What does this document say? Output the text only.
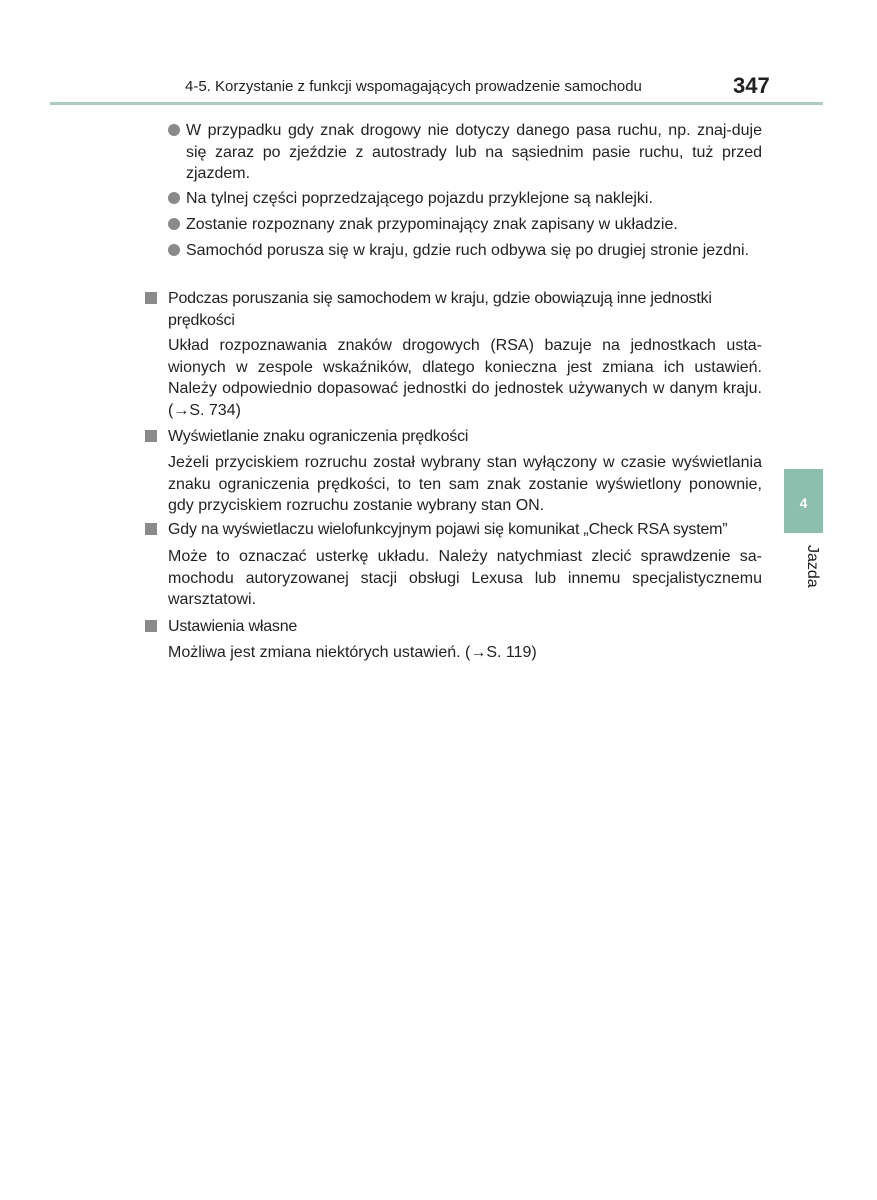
4-5. Korzystanie z funkcji wspomagających prowadzenie samochodu	347
4
Jazda
W przypadku gdy znak drogowy nie dotyczy danego pasa ruchu, np. znaj-duje się zaraz po zjeździe z autostrady lub na sąsiednim pasie ruchu, tuż przed zjazdem.
Na tylnej części poprzedzającego pojazdu przyklejone są naklejki.
Zostanie rozpoznany znak przypominający znak zapisany w układzie.
Samochód porusza się w kraju, gdzie ruch odbywa się po drugiej stronie jezdni.
Podczas poruszania się samochodem w kraju, gdzie obowiązują inne jednostki prędkości
Układ rozpoznawania znaków drogowych (RSA) bazuje na jednostkach usta-wionych w zespole wskaźników, dlatego konieczna jest zmiana ich ustawień. Należy odpowiednio dopasować jednostki do jednostek używanych w danym kraju. (→S. 734)
Wyświetlanie znaku ograniczenia prędkości
Jeżeli przyciskiem rozruchu został wybrany stan wyłączony w czasie wyświetlania znaku ograniczenia prędkości, to ten sam znak zostanie wyświetlony ponownie, gdy przyciskiem rozruchu zostanie wybrany stan ON.
Gdy na wyświetlaczu wielofunkcyjnym pojawi się komunikat „Check RSA system”
Może to oznaczać usterkę układu. Należy natychmiast zlecić sprawdzenie sa-mochodu autoryzowanej stacji obsługi Lexusa lub innemu specjalistycznemu warsztatowi.
Ustawienia własne
Możliwa jest zmiana niektórych ustawień. (→S. 119)
